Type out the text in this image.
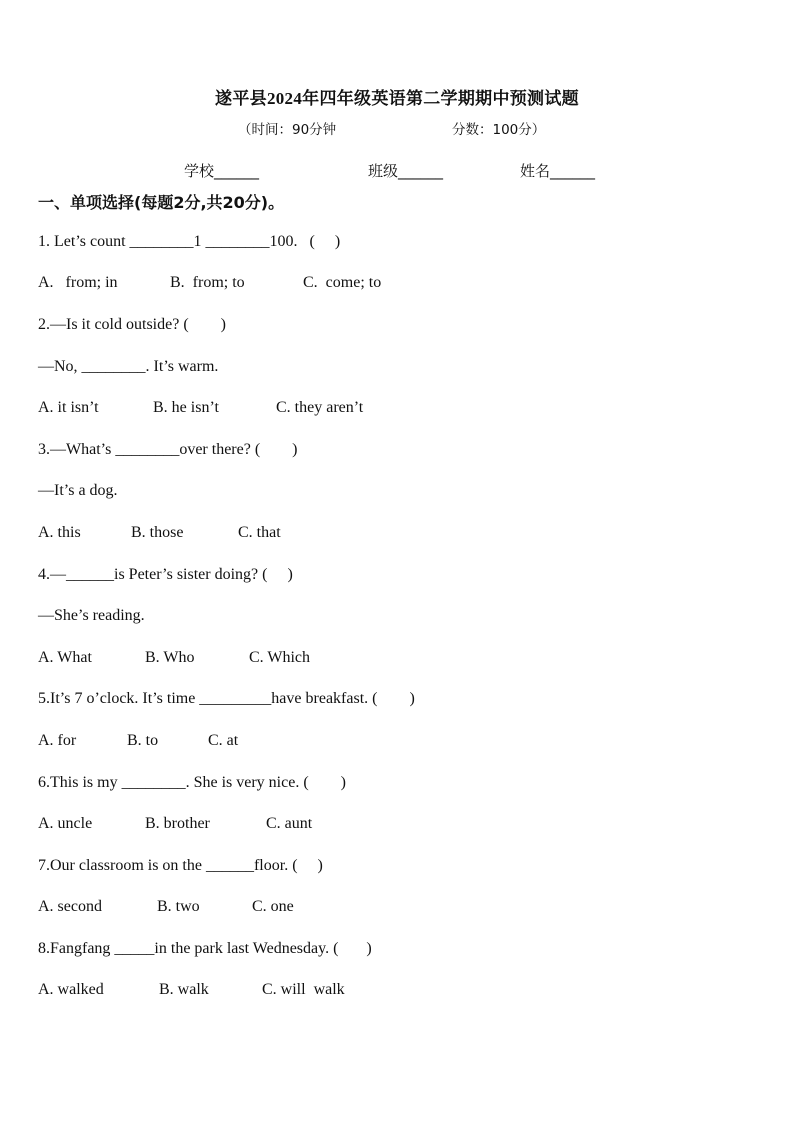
遂平县2024年四年级英语第二学期期中预测试题
（时间：90分钟	分数：100分）
学校______	班级______	姓名______
一、单项选择(每题2分,共20分)。
1. Let’s count ________1 ________100.   (     )
A.   from; in	B.  from; to	C.  come; to
2.—Is it cold outside? (        )
—No, ________. It’s warm.
A. it isn’t	B. he isn’t	C. they aren’t
3.—What’s ________over there? (        )
—It’s a dog.
A. this	B. those	C. that
4.—______is Peter’s sister doing? (     )
—She’s reading.
A. What	B. Who	C. Which
5.It’s 7 o’clock. It’s time _________have breakfast. (        )
A. for	B. to	C. at
6.This is my ________. She is very nice. (        )
A. uncle	B. brother	C. aunt
7.Our classroom is on the ______floor. (     )
A. second	B. two	C. one
8.Fangfang _____in the park last Wednesday. (       )
A. walked	B. walk	C. will  walk
